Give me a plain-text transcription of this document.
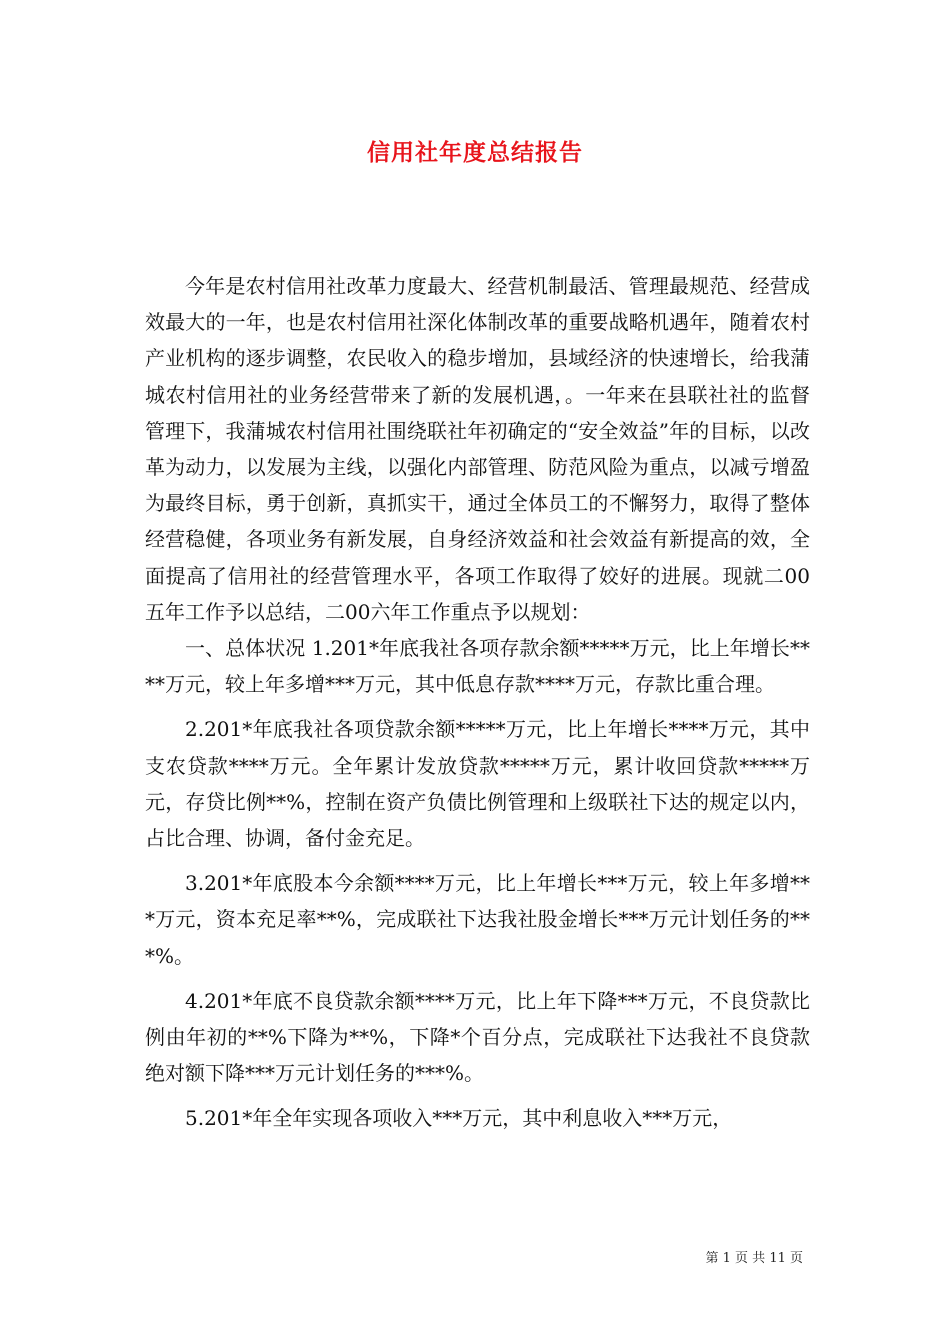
信用社年度总结报告

今年是农村信用社改革力度最大、经营机制最活、管理最规范、经营成效最大的一年，也是农村信用社深化体制改革的重要战略机遇年，随着农村产业机构的逐步调整，农民收入的稳步增加，县域经济的快速增长，给我蒲城农村信用社的业务经营带来了新的发展机遇，。一年来在县联社社的监督管理下，我蒲城农村信用社围绕联社年初确定的“安全效益”年的目标，以改革为动力，以发展为主线，以强化内部管理、防范风险为重点，以减亏增盈为最终目标，勇于创新，真抓实干，通过全体员工的不懈努力，取得了整体经营稳健，各项业务有新发展，自身经济效益和社会效益有新提高的效，全面提高了信用社的经营管理水平，各项工作取得了姣好的进展。现就二00五年工作予以总结，二00六年工作重点予以规划：

一、总体状况 1.201*年底我社各项存款余额*****万元，比上年增长****万元，较上年多增***万元，其中低息存款****万元，存款比重合理。

2.201*年底我社各项贷款余额*****万元，比上年增长****万元，其中支农贷款****万元。全年累计发放贷款*****万元，累计收回贷款*****万元，存贷比例**%，控制在资产负债比例管理和上级联社下达的规定以内，占比合理、协调，备付金充足。

3.201*年底股本今余额****万元，比上年增长***万元，较上年多增***万元，资本充足率**%，完成联社下达我社股金增长***万元计划任务的***%。

4.201*年底不良贷款余额****万元，比上年下降***万元，不良贷款比例由年初的**%下降为**%，下降*个百分点，完成联社下达我社不良贷款绝对额下降***万元计划任务的***%。

5.201*年全年实现各项收入***万元，其中利息收入***万元，

第 1 页 共 11 页
